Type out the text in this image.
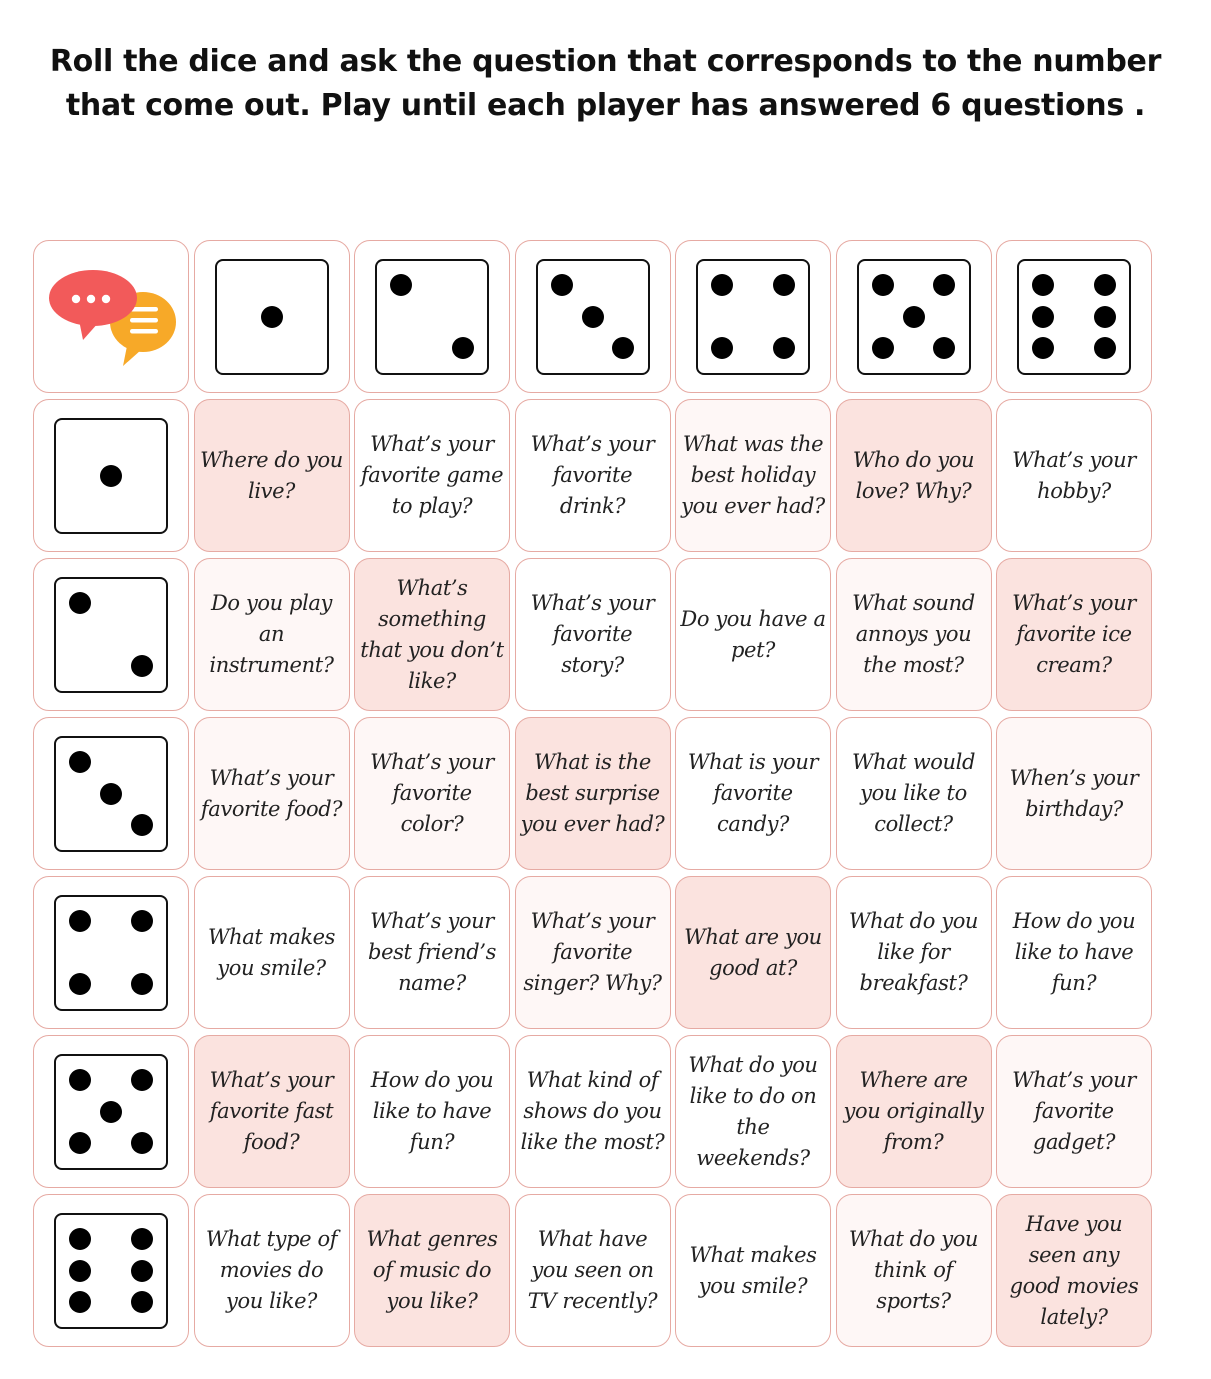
Roll the dice and ask the question that corresponds to the number
that come out. Play until each player has answered 6 questions .
Where do you live?
What’s your favorite game to play?
What’s your favorite drink?
What was the best holiday you ever had?
Who do you love? Why?
What’s your hobby?
Do you play an instrument?
What’s something that you don’t like?
What’s your favorite story?
Do you have a pet?
What sound annoys you the most?
What’s your favorite ice cream?
What’s your favorite food?
What’s your favorite color?
What is the best surprise you ever had?
What is your favorite candy?
What would you like to collect?
When’s your birthday?
What makes you smile?
What’s your best friend’s name?
What’s your favorite singer? Why?
What are you good at?
What do you like for breakfast?
How do you like to have fun?
What’s your favorite fast food?
How do you like to have fun?
What kind of shows do you like the most?
What do you like to do on the weekends?
Where are you originally from?
What’s your favorite gadget?
What type of movies do you like?
What genres of music do you like?
What have you seen on TV recently?
What makes you smile?
What do you think of sports?
Have you seen any good movies lately?
